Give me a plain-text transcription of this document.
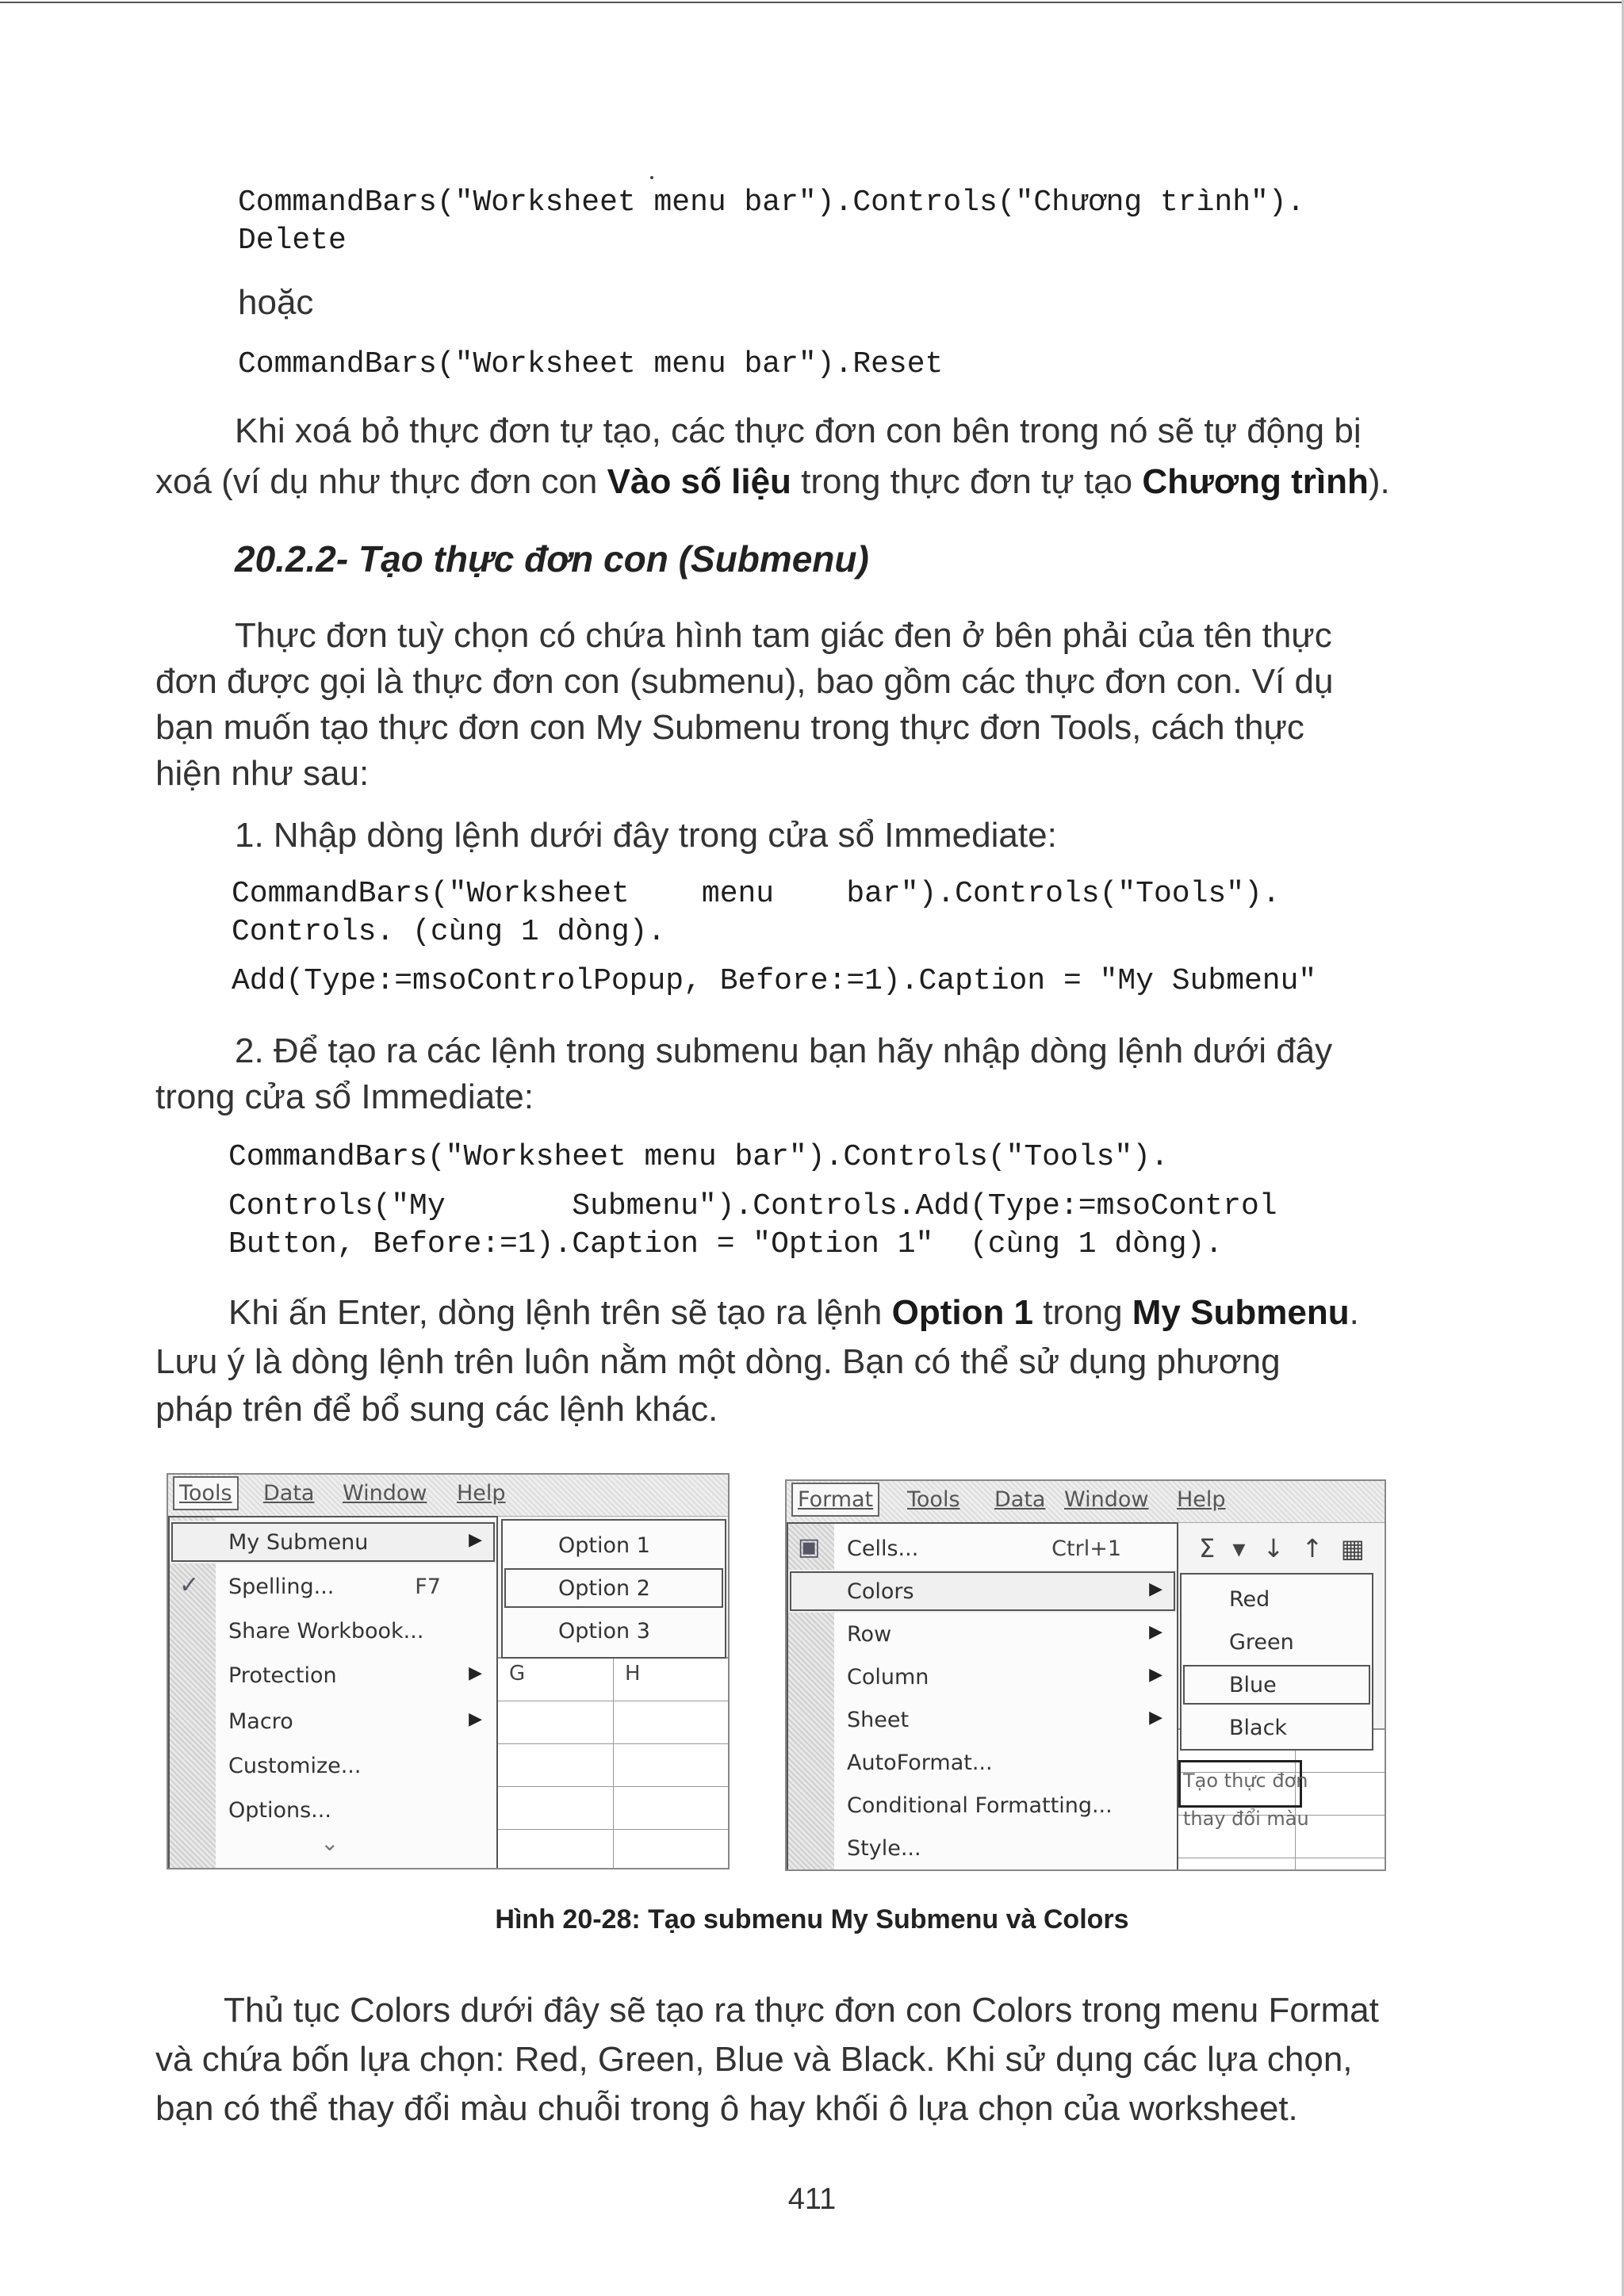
CommandBars("Worksheet menu bar").Controls("Chương trình").
Delete
hoặc
CommandBars("Worksheet menu bar").Reset
Khi xoá bỏ thực đơn tự tạo, các thực đơn con bên trong nó sẽ tự động bị
xoá (ví dụ như thực đơn con Vào số liệu trong thực đơn tự tạo Chương trình).
20.2.2- Tạo thực đơn con (Submenu)
Thực đơn tuỳ chọn có chứa hình tam giác đen ở bên phải của tên thực
đơn được gọi là thực đơn con (submenu), bao gồm các thực đơn con. Ví dụ
bạn muốn tạo thực đơn con My Submenu trong thực đơn Tools, cách thực
hiện như sau:
1. Nhập dòng lệnh dưới đây trong cửa sổ Immediate:
CommandBars("Worksheet    menu    bar").Controls("Tools").
Controls. (cùng 1 dòng).
Add(Type:=msoControlPopup, Before:=1).Caption = "My Submenu"
2. Để tạo ra các lệnh trong submenu bạn hãy nhập dòng lệnh dưới đây
trong cửa sổ Immediate:
CommandBars("Worksheet menu bar").Controls("Tools").
Controls("My       Submenu").Controls.Add(Type:=msoControl
Button, Before:=1).Caption = "Option 1"  (cùng 1 dòng).
Khi ấn Enter, dòng lệnh trên sẽ tạo ra lệnh Option 1 trong My Submenu.
Lưu ý là dòng lệnh trên luôn nằm một dòng. Bạn có thể sử dụng phương
pháp trên để bổ sung các lệnh khác.
Tools Data Window Help
G	H
My Submenu	▶
✓ Spelling...	F7
Share Workbook...
Protection	▶
Macro	▶
Customize...
Options...
⌄
Option 1
Option 2
Option 3
Format Tools Data Window Help
Σ ▾ ↓ ↑ ▦
Tạo thực đơn
thay đổi màu
▣ Cells...	Ctrl+1
Colors	▶
Row	▶
Column	▶
Sheet	▶
AutoFormat...
Conditional Formatting...
Style...
Red
Green
Blue
Black
Hình 20-28: Tạo submenu My Submenu và Colors
Thủ tục Colors dưới đây sẽ tạo ra thực đơn con Colors trong menu Format
và chứa bốn lựa chọn: Red, Green, Blue và Black. Khi sử dụng các lựa chọn,
bạn có thể thay đổi màu chuỗi trong ô hay khối ô lựa chọn của worksheet.
411
